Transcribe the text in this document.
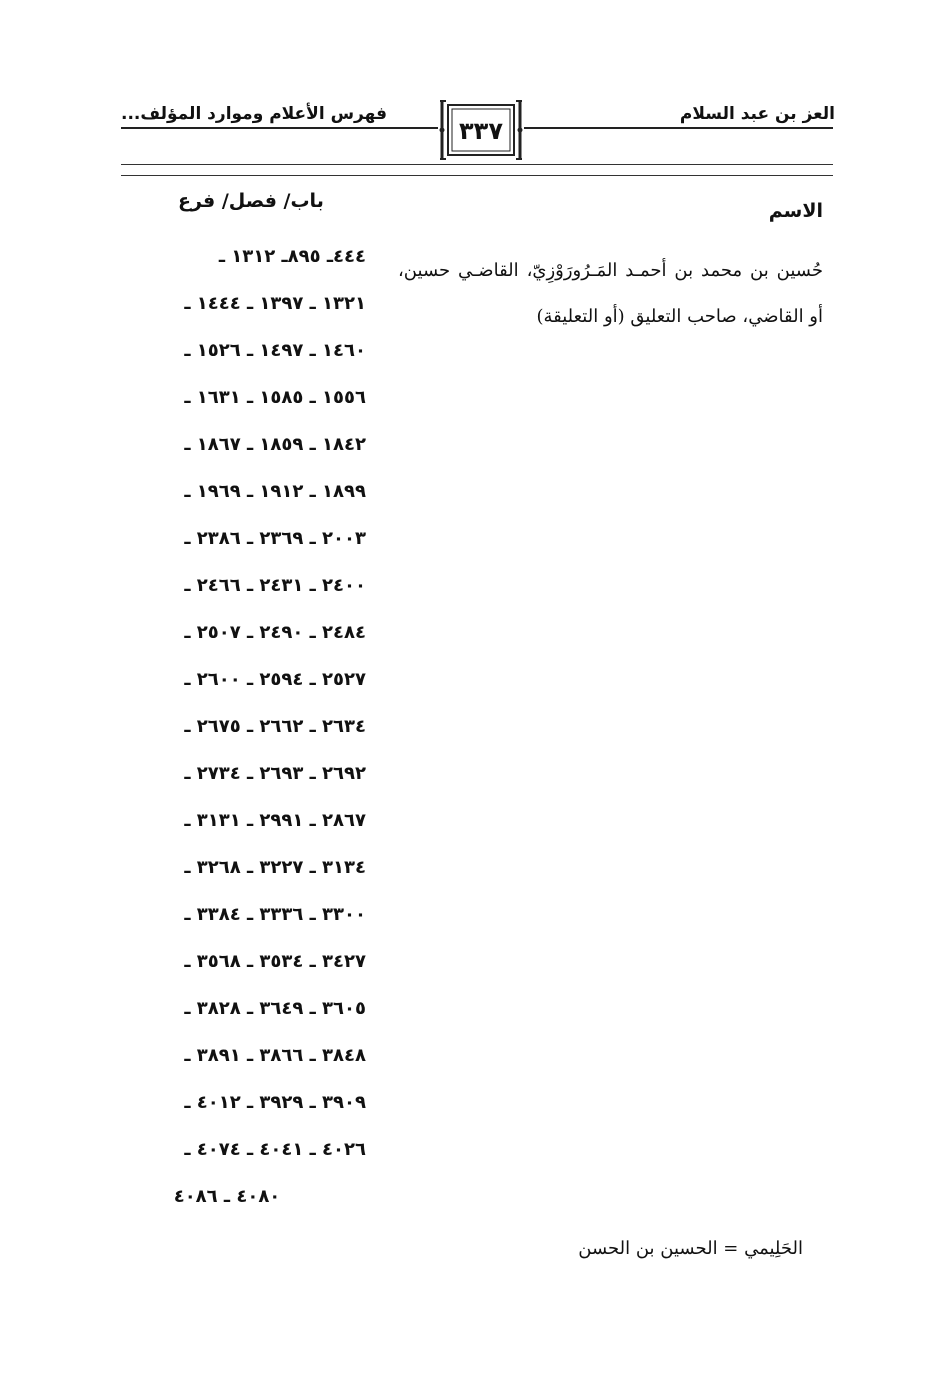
العز بن عبد السلام
فهرس الأعلام وموارد المؤلف...
٣٣٧
الاسم
باب/ فصل/ فرع
حُسين بن محمد بن أحمـد المَـرُورَوْزِيّ، القاضـي حسين، أو القاضي، صاحب التعليق (أو التعليقة)
٤٤٤ـ ٨٩٥ـ ١٣١٢ ـ
١٣٢١ ـ ١٣٩٧ ـ ١٤٤٤ ـ
١٤٦٠ ـ ١٤٩٧ ـ ١٥٢٦ ـ
١٥٥٦ ـ ١٥٨٥ ـ ١٦٣١ ـ
١٨٤٢ ـ ١٨٥٩ ـ ١٨٦٧ ـ
١٨٩٩ ـ ١٩١٢ ـ ١٩٦٩ ـ
٢٠٠٣ ـ ٢٣٦٩ ـ ٢٣٨٦ ـ
٢٤٠٠ ـ ٢٤٣١ ـ ٢٤٦٦ ـ
٢٤٨٤ ـ ٢٤٩٠ ـ ٢٥٠٧ ـ
٢٥٢٧ ـ ٢٥٩٤ ـ ٢٦٠٠ ـ
٢٦٣٤ ـ ٢٦٦٢ ـ ٢٦٧٥ ـ
٢٦٩٢ ـ ٢٦٩٣ ـ ٢٧٣٤ ـ
٢٨٦٧ ـ ٢٩٩١ ـ ٣١٣١ ـ
٣١٣٤ ـ ٣٢٢٧ ـ ٣٢٦٨ ـ
٣٣٠٠ ـ ٣٣٣٦ ـ ٣٣٨٤ ـ
٣٤٢٧ ـ ٣٥٣٤ ـ ٣٥٦٨ ـ
٣٦٠٥ ـ ٣٦٤٩ ـ ٣٨٢٨ ـ
٣٨٤٨ ـ ٣٨٦٦ ـ ٣٨٩١ ـ
٣٩٠٩ ـ ٣٩٢٩ ـ ٤٠١٢ ـ
٤٠٢٦ ـ ٤٠٤١ ـ ٤٠٧٤ ـ
٤٠٨٠ ـ ٤٠٨٦
الحَلِيمي = الحسين بن الحسن
